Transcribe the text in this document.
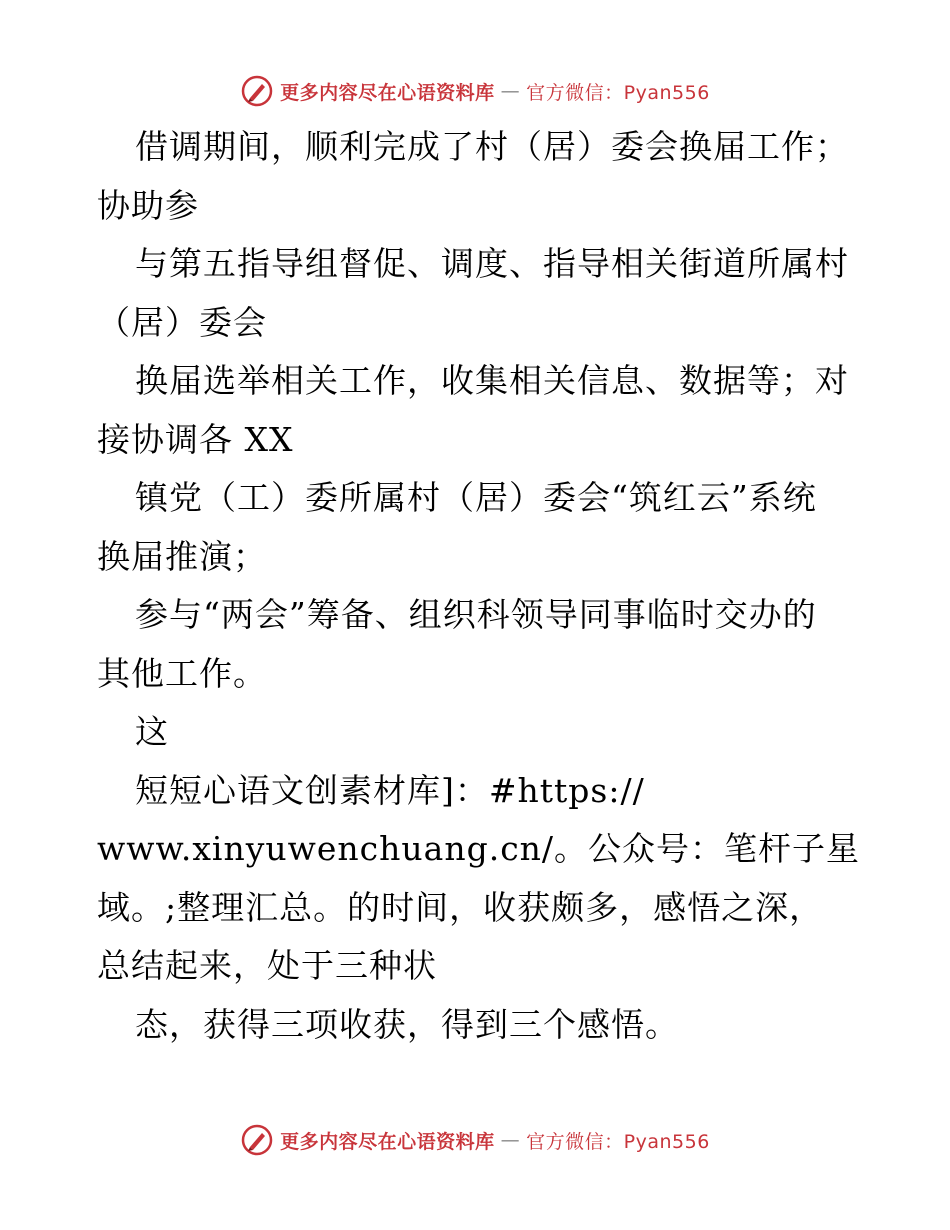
更多内容尽在心语资料库 — 官方微信：Pyan556
借调期间，顺利完成了村（居）委会换届工作；
协助参
与第五指导组督促、调度、指导相关街道所属村
（居）委会
换届选举相关工作，收集相关信息、数据等；对
接协调各 XX
镇党（工）委所属村（居）委会“筑红云”系统
换届推演；
参与“两会”筹备、组织科领导同事临时交办的
其他工作。
这
短短心语文创素材库]：#https://
www.xinyuwenchuang.cn/。公众号：笔杆子星
域。;整理汇总。的时间，收获颇多，感悟之深，
总结起来，处于三种状
态，获得三项收获，得到三个感悟。
更多内容尽在心语资料库 — 官方微信：Pyan556
